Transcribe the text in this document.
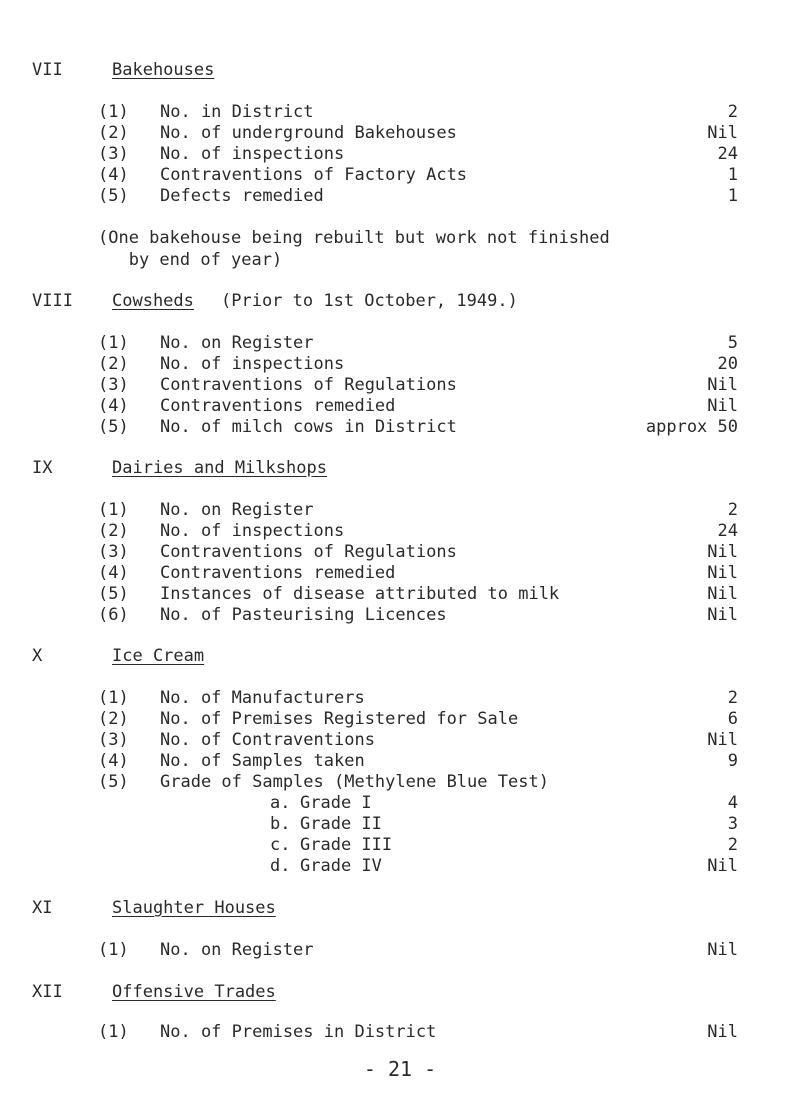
VII	Bakehouses
(1) No. in District	2
(2) No. of underground Bakehouses	Nil
(3) No. of inspections	24
(4) Contraventions of Factory Acts	1
(5) Defects remedied	1
(One bakehouse being rebuilt but work not finished
by end of year)
VIII Cowsheds (Prior to 1st October, 1949.)
(1) No. on Register	5
(2) No. of inspections	20
(3) Contraventions of Regulations	Nil
(4) Contraventions remedied	Nil
(5) No. of milch cows in District	approx 50
IX	Dairies and Milkshops
(1) No. on Register	2
(2) No. of inspections	24
(3) Contraventions of Regulations	Nil
(4) Contraventions remedied	Nil
(5) Instances of disease attributed to milk	Nil
(6) No. of Pasteurising Licences	Nil
X	Ice Cream
(1) No. of Manufacturers	2
(2) No. of Premises Registered for Sale	6
(3) No. of Contraventions	Nil
(4) No. of Samples taken	9
(5) Grade of Samples (Methylene Blue Test)
a. Grade I	4
b. Grade II	3
c. Grade III	2
d. Grade IV	Nil
XI	Slaughter Houses
(1) No. on Register	Nil
XII	Offensive Trades
(1) No. of Premises in District	Nil
- 21 -
